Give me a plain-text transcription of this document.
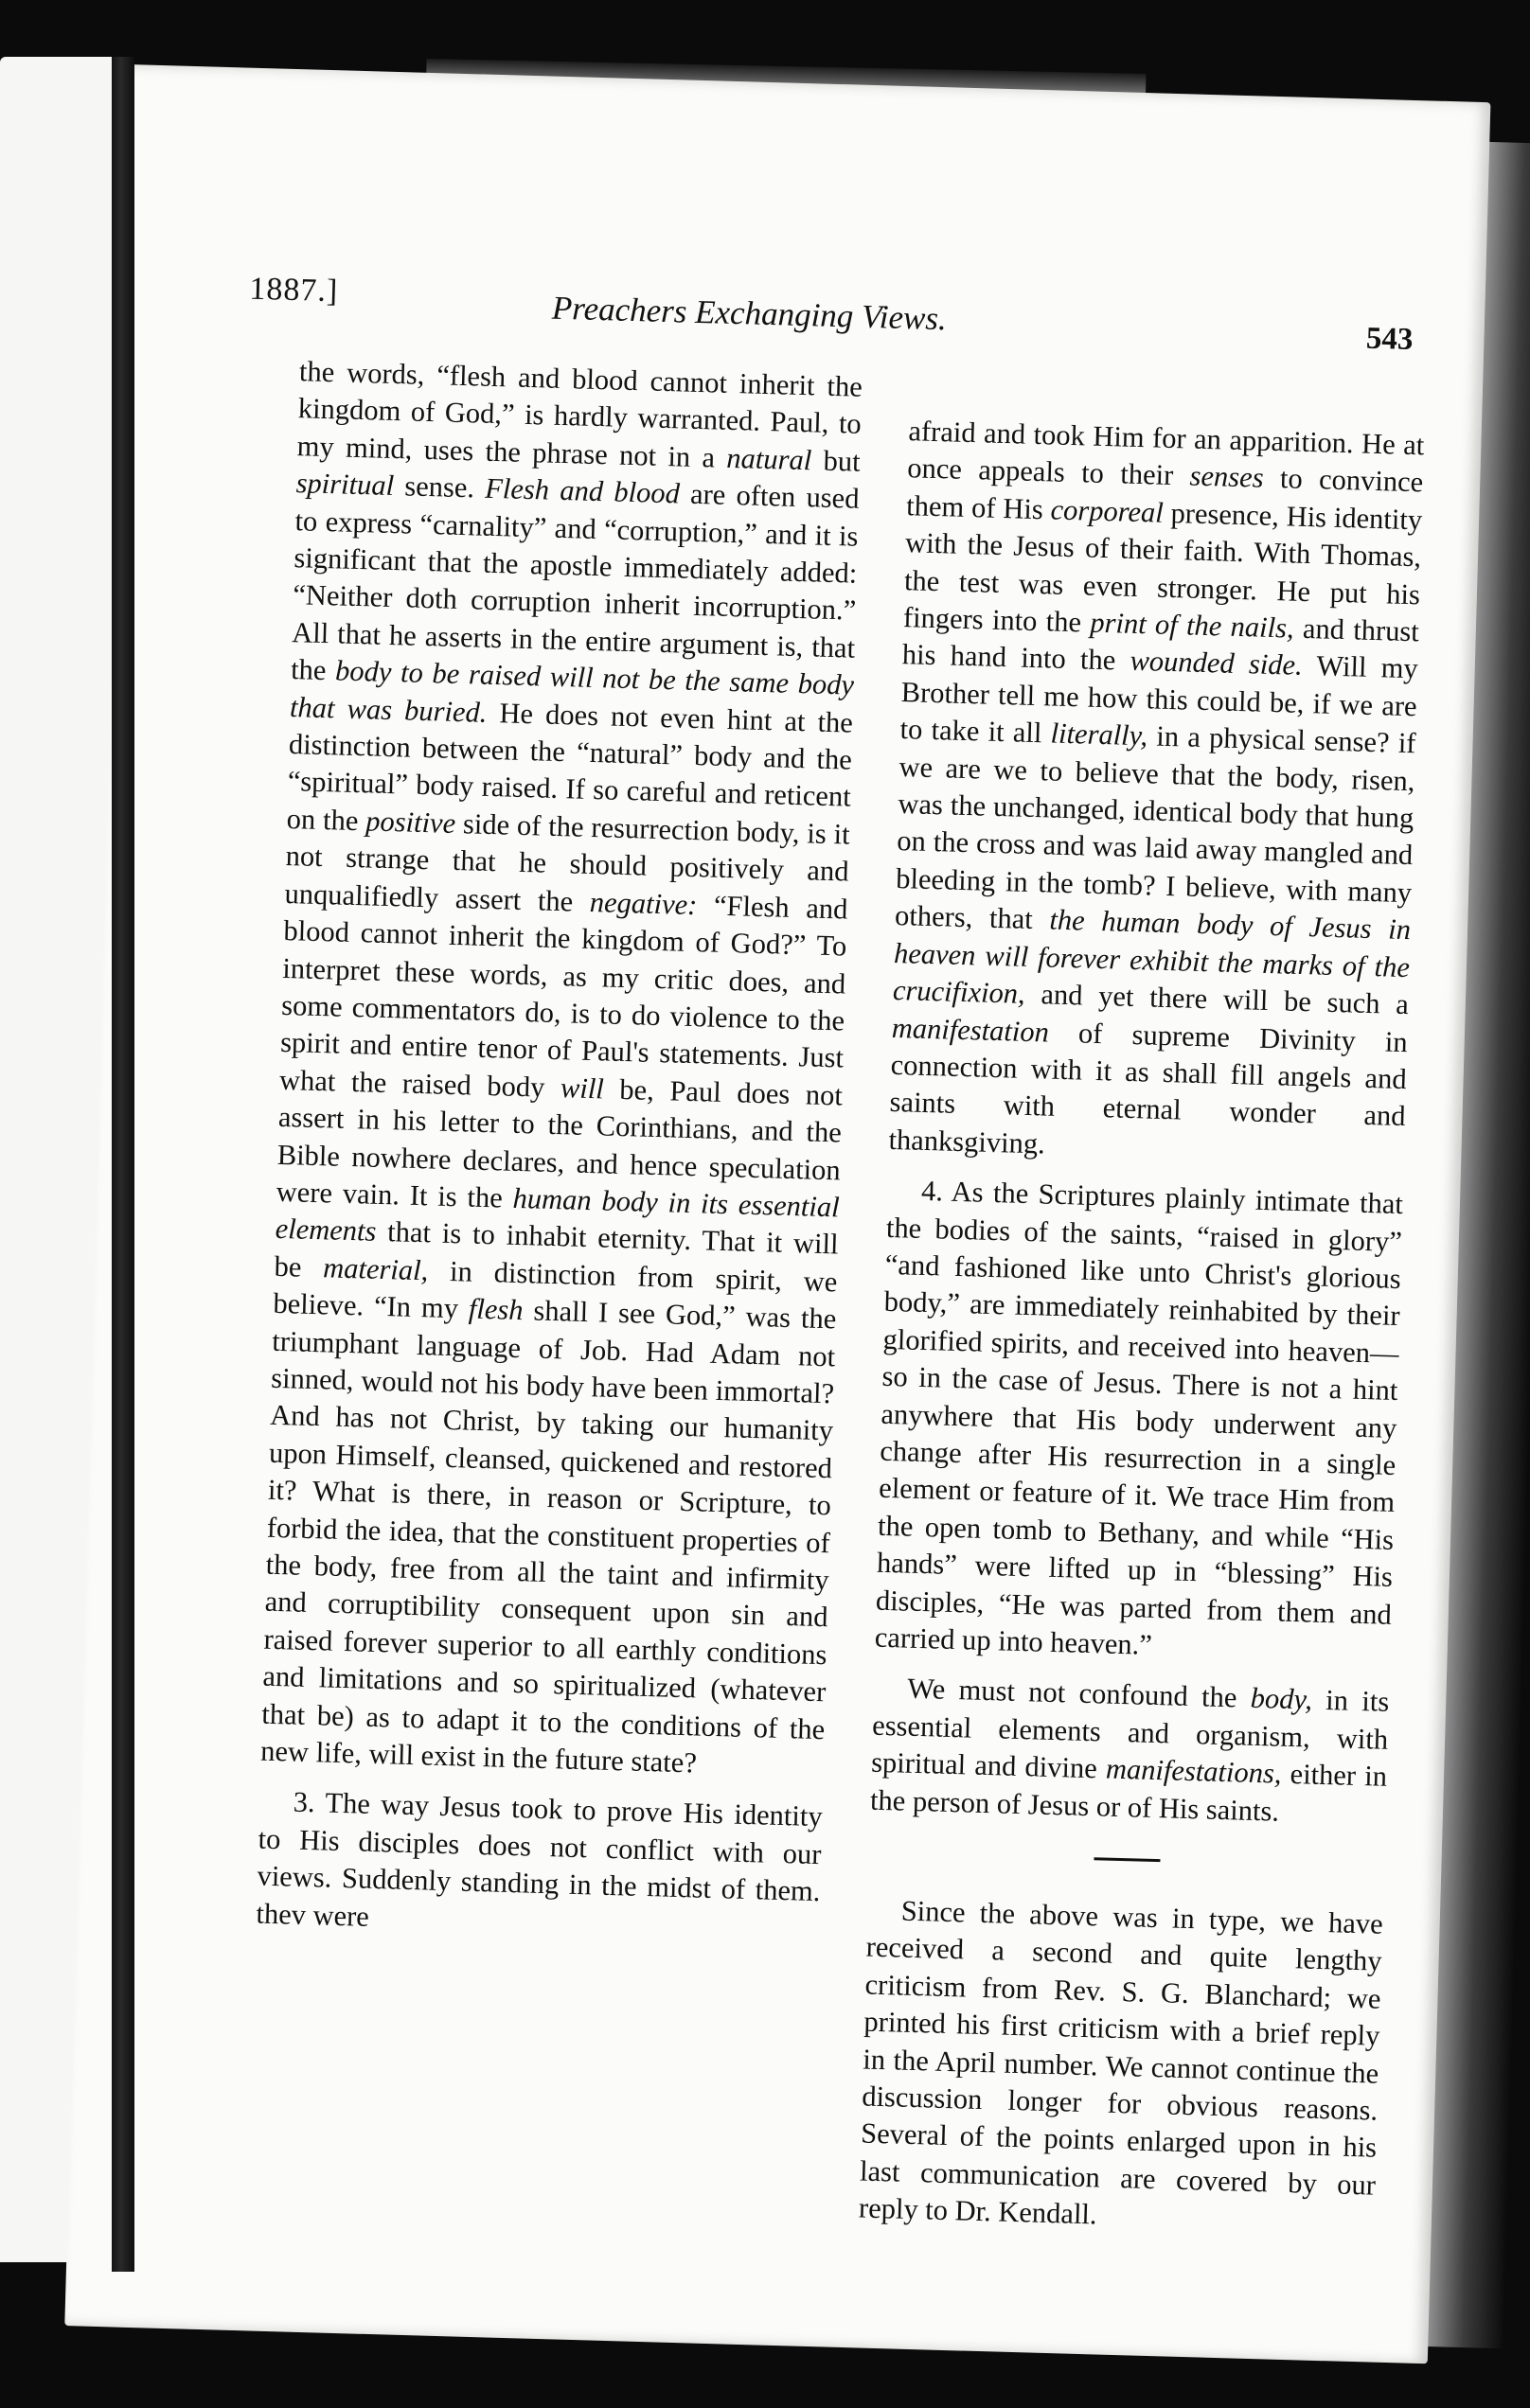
1887.]	Preachers Exchanging Views.
543

the words, “flesh and blood cannot inherit the kingdom of God,” is hardly warranted. Paul, to my mind, uses the phrase not in a natural but spiritual sense. Flesh and blood are often used to express “carnality” and “corruption,” and it is significant that the apostle immediately added: “Neither doth corruption inherit incorruption.” All that he asserts in the entire argument is, that the body to be raised will not be the same body that was buried. He does not even hint at the distinction between the “natural” body and the “spiritual” body raised. If so careful and reticent on the positive side of the resurrection body, is it not strange that he should positively and unqualifiedly assert the negative: “Flesh and blood cannot inherit the kingdom of God?” To interpret these words, as my critic does, and some commentators do, is to do violence to the spirit and entire tenor of Paul's statements. Just what the raised body will be, Paul does not assert in his letter to the Corinthians, and the Bible nowhere declares, and hence speculation were vain. It is the human body in its essential elements that is to inhabit eternity. That it will be material, in distinction from spirit, we believe. “In my flesh shall I see God,” was the triumphant language of Job. Had Adam not sinned, would not his body have been immortal? And has not Christ, by taking our humanity upon Himself, cleansed, quickened and restored it? What is there, in reason or Scripture, to forbid the idea, that the constituent properties of the body, free from all the taint and infirmity and corruptibility consequent upon sin and raised forever superior to all earthly conditions and limitations and so spiritualized (whatever that be) as to adapt it to the conditions of the new life, will exist in the future state?

3. The way Jesus took to prove His identity to His disciples does not conflict with our views. Suddenly standing in the midst of them. thev were

afraid and took Him for an apparition. He at once appeals to their senses to convince them of His corporeal presence, His identity with the Jesus of their faith. With Thomas, the test was even stronger. He put his fingers into the print of the nails, and thrust his hand into the wounded side. Will my Brother tell me how this could be, if we are to take it all literally, in a physical sense? if we are we to believe that the body, risen, was the unchanged, identical body that hung on the cross and was laid away mangled and bleeding in the tomb? I believe, with many others, that the human body of Jesus in heaven will forever exhibit the marks of the crucifixion, and yet there will be such a manifestation of supreme Divinity in connection with it as shall fill angels and saints with eternal wonder and thanksgiving.

4. As the Scriptures plainly intimate that the bodies of the saints, “raised in glory” “and fashioned like unto Christ's glorious body,” are immediately reinhabited by their glorified spirits, and received into heaven—so in the case of Jesus. There is not a hint anywhere that His body underwent any change after His resurrection in a single element or feature of it. We trace Him from the open tomb to Bethany, and while “His hands” were lifted up in “blessing” His disciples, “He was parted from them and carried up into heaven.”

We must not confound the body, in its essential elements and organism, with spiritual and divine manifestations, either in the person of Jesus or of His saints.

Since the above was in type, we have received a second and quite lengthy criticism from Rev. S. G. Blanchard; we printed his first criticism with a brief reply in the April number. We cannot continue the discussion longer for obvious reasons. Several of the points enlarged upon in his last communication are covered by our reply to Dr. Kendall.
